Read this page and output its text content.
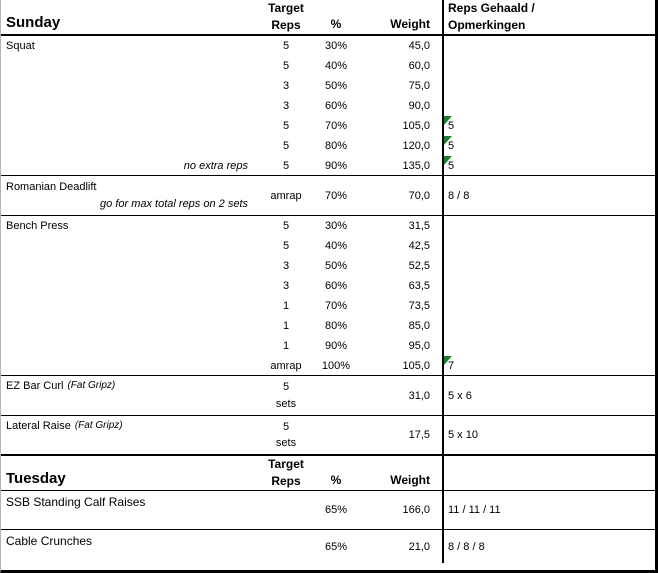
Sunday
Target
Reps	%	Weight
Reps Gehaald /
Opmerkingen
Squat	5	30%	45,0
5	40%	60,0
3	50%	75,0
3	60%	90,0
5	70%	105,0	5
5	80%	120,0	5
no extra reps	5	90%	135,0	5
Romanian Deadlift
go for max total reps on 2 sets
amrap	70%	70,0	8 / 8
Bench Press	5	30%	31,5
5	40%	42,5
3	50%	52,5
3	60%	63,5
1	70%	73,5
1	80%	85,0
1	90%	95,0
amrap	100%	105,0	7
EZ Bar Curl (Fat Gripz)	5
sets
31,0	5 x 6
Lateral Raise (Fat Gripz)	5
sets
17,5	5 x 10
Tuesday
Target
Reps	%	Weight
SSB Standing Calf Raises
65%	166,0	11 / 11 / 11
Cable Crunches	65%	21,0	8 / 8 / 8
